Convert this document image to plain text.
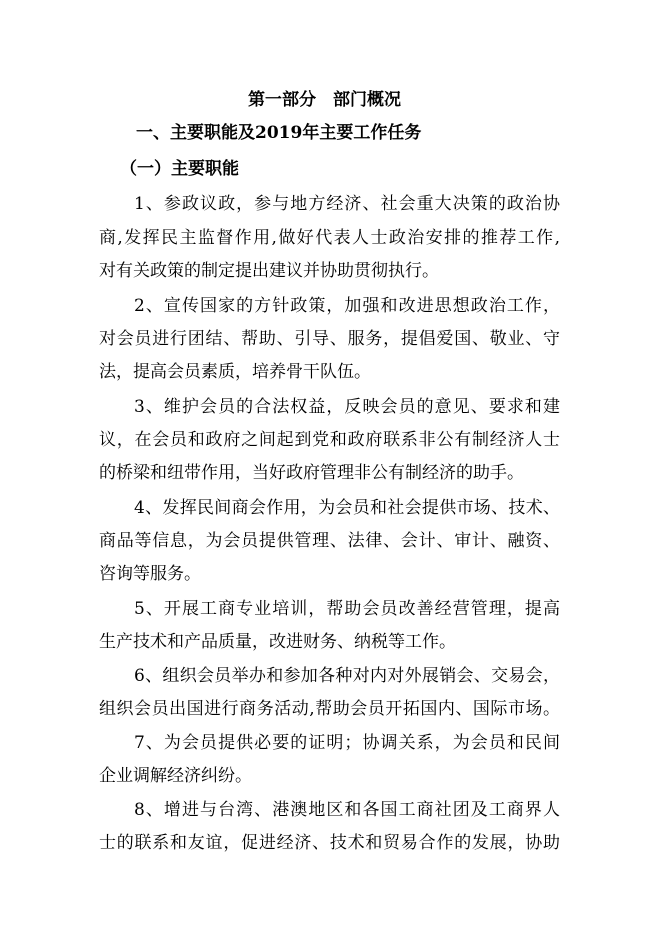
第一部分　部门概况
一、主要职能及2019年主要工作任务
（一）主要职能
1、参政议政，参与地方经济、社会重大决策的政治协
商,发挥民主监督作用,做好代表人士政治安排的推荐工作,
对有关政策的制定提出建议并协助贯彻执行。
2、宣传国家的方针政策，加强和改进思想政治工作，
对会员进行团结、帮助、引导、服务，提倡爱国、敬业、守
法，提高会员素质，培养骨干队伍。
3、维护会员的合法权益，反映会员的意见、要求和建
议，在会员和政府之间起到党和政府联系非公有制经济人士
的桥梁和纽带作用，当好政府管理非公有制经济的助手。
4、发挥民间商会作用，为会员和社会提供市场、技术、
商品等信息，为会员提供管理、法律、会计、审计、融资、
咨询等服务。
5、开展工商专业培训，帮助会员改善经营管理，提高
生产技术和产品质量，改进财务、纳税等工作。
6、组织会员举办和参加各种对内对外展销会、交易会，
组织会员出国进行商务活动,帮助会员开拓国内、国际市场。
7、为会员提供必要的证明；协调关系，为会员和民间
企业调解经济纠纷。
8、增进与台湾、港澳地区和各国工商社团及工商界人
士的联系和友谊，促进经济、技术和贸易合作的发展，协助
